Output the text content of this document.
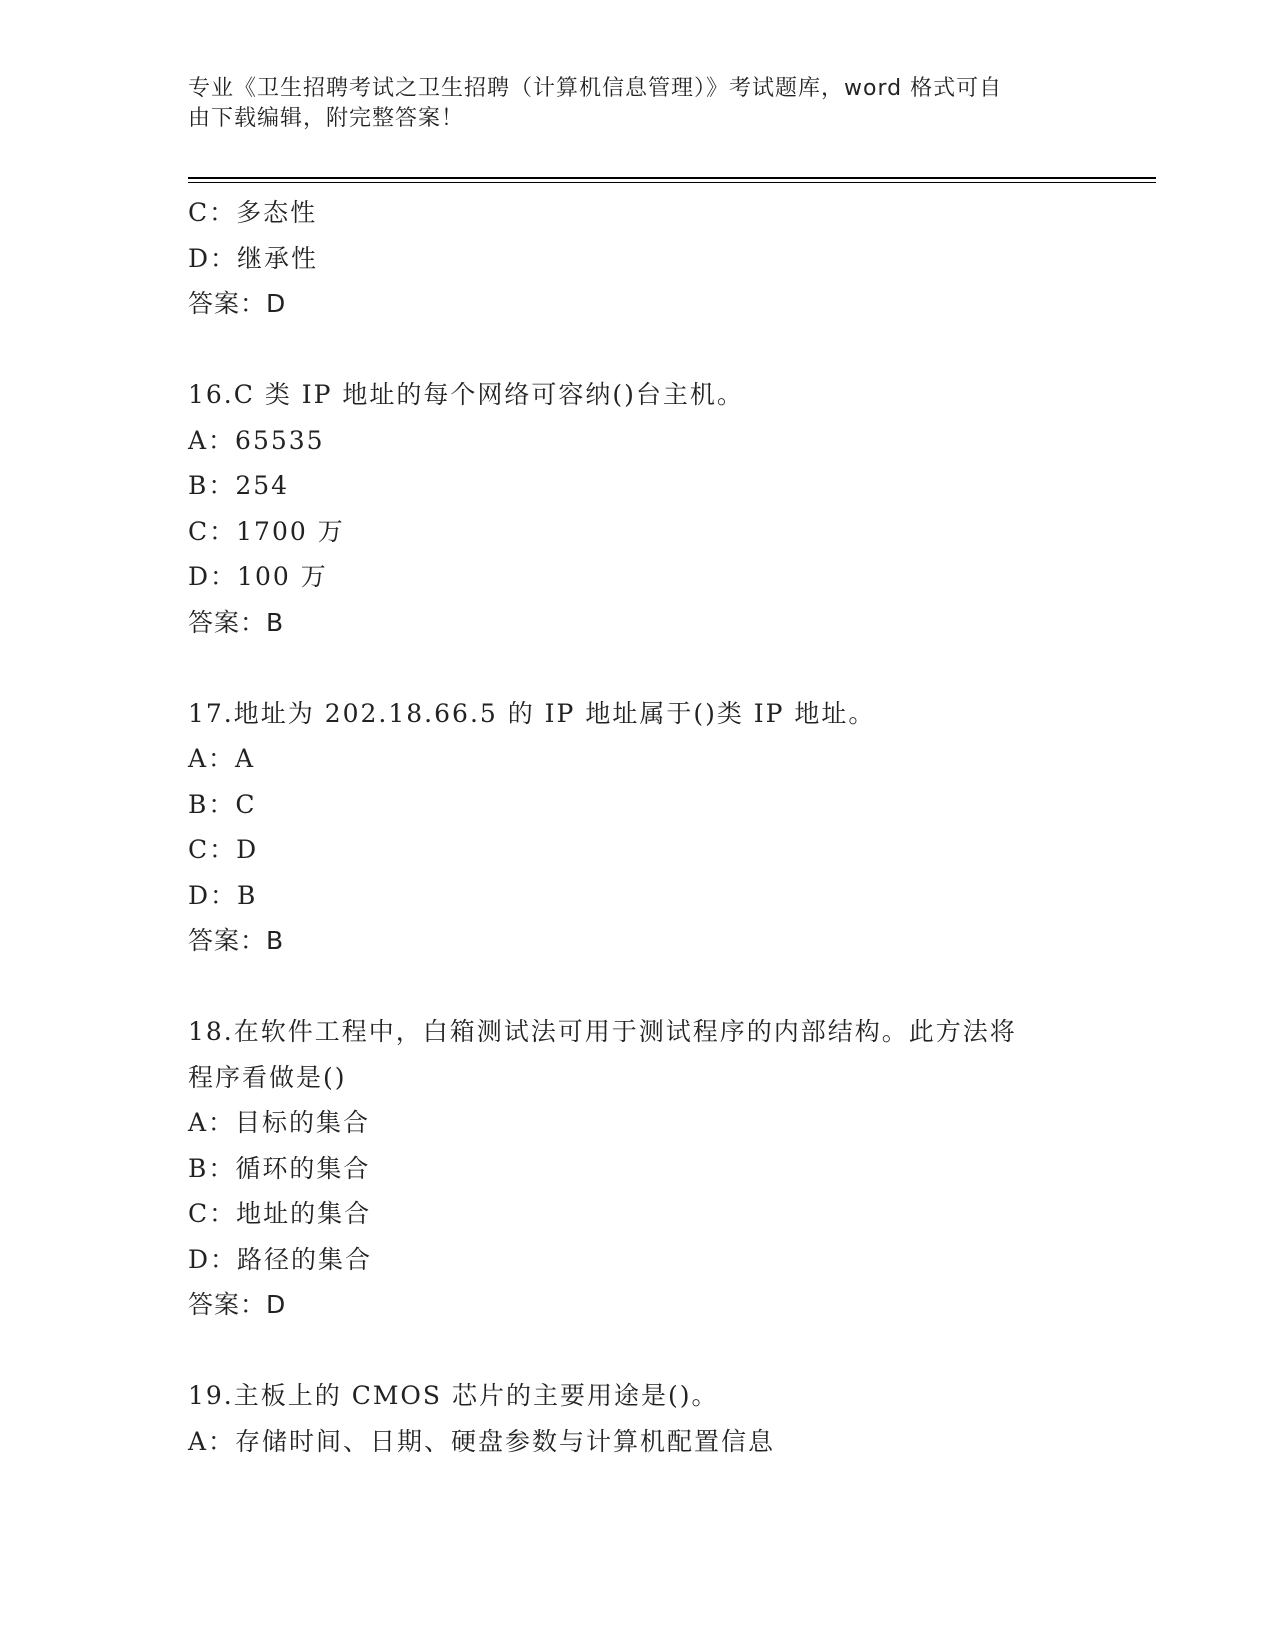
专业《卫生招聘考试之卫生招聘（计算机信息管理）》考试题库，word 格式可自
由下载编辑，附完整答案！
C：多态性
D：继承性
答案：D
16.C 类 IP 地址的每个网络可容纳()台主机。
A：65535
B：254
C：1700 万
D：100 万
答案：B
17.地址为 202.18.66.5 的 IP 地址属于()类 IP 地址。
A：A
B：C
C：D
D：B
答案：B
18.在软件工程中，白箱测试法可用于测试程序的内部结构。此方法将
程序看做是()
A：目标的集合
B：循环的集合
C：地址的集合
D：路径的集合
答案：D
19.主板上的 CMOS 芯片的主要用途是()。
A：存储时间、日期、硬盘参数与计算机配置信息
